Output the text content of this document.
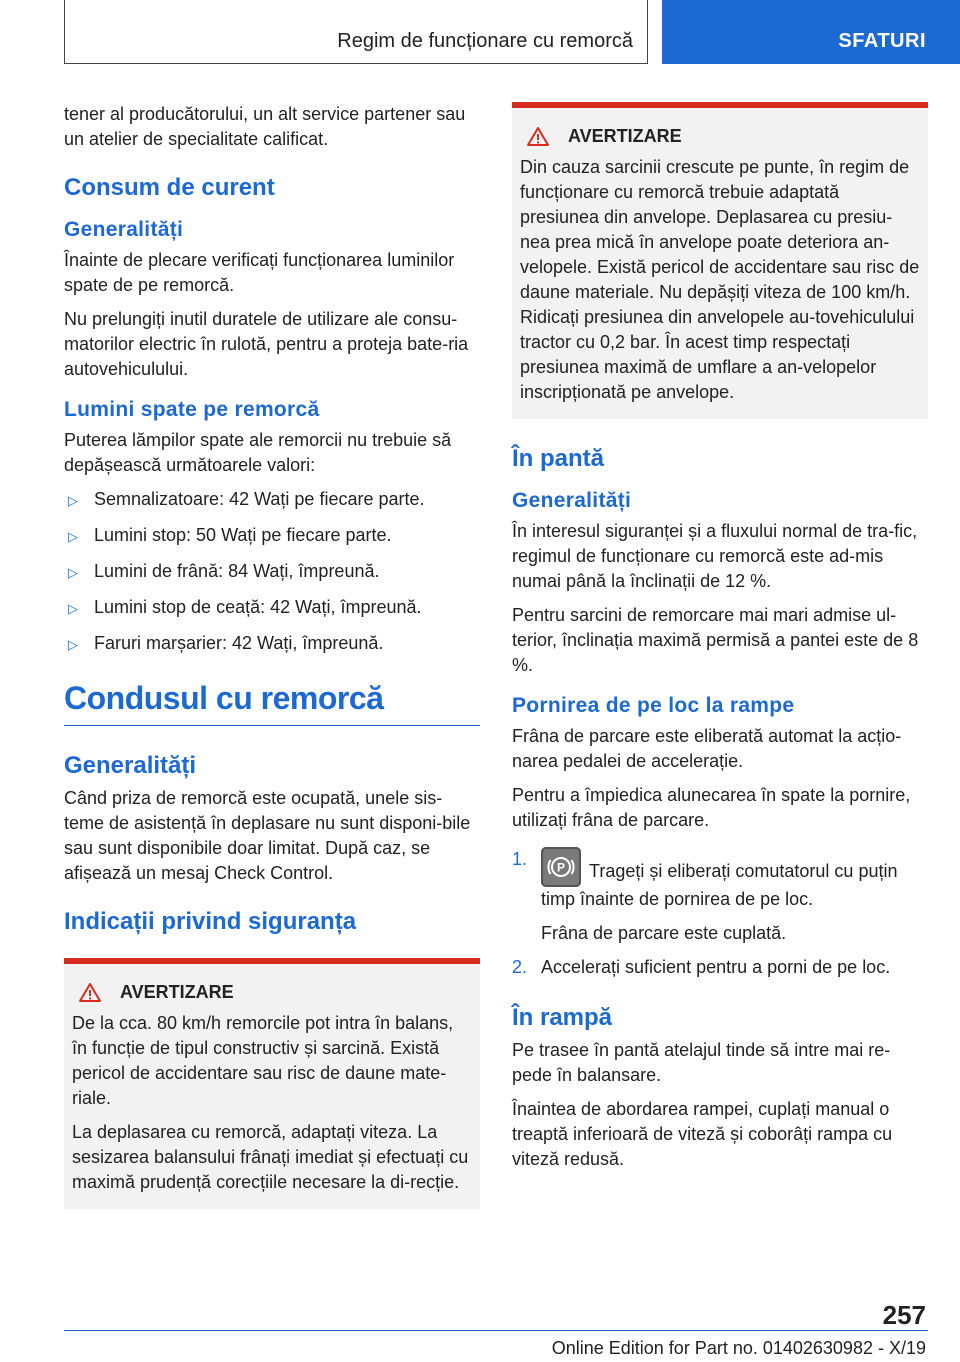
Regim de funcționare cu remorcă	SFATURI

tener al producătorului, un alt service partener sau un atelier de specialitate calificat.

Consum de curent
Generalități

Înainte de plecare verificați funcționarea luminilor spate de pe remorcă.

Nu prelungiți inutil duratele de utilizare ale consu-matorilor electric în rulotă, pentru a proteja bate-ria autovehiculului.

Lumini spate pe remorcă

Puterea lămpilor spate ale remorcii nu trebuie să depășească următoarele valori:

▷ Semnalizatoare: 42 Wați pe fiecare parte.
▷ Lumini stop: 50 Wați pe fiecare parte.
▷ Lumini de frână: 84 Wați, împreună.
▷ Lumini stop de ceață: 42 Wați, împreună.
▷ Faruri marșarier: 42 Wați, împreună.
Condusul cu remorcă
Generalități

Când priza de remorcă este ocupată, unele sis-teme de asistență în deplasare nu sunt disponi-bile sau sunt disponibile doar limitat. După caz, se afișează un mesaj Check Control.

Indicații privind siguranța
AVERTIZARE

De la cca. 80 km/h remorcile pot intra în balans, în funcție de tipul constructiv și sarcină. Există pericol de accidentare sau risc de daune mate-riale.

La deplasarea cu remorcă, adaptați viteza. La sesizarea balansului frânați imediat și efectuați cu maximă prudență corecțiile necesare la di-recție.

AVERTIZARE

Din cauza sarcinii crescute pe punte, în regim de funcționare cu remorcă trebuie adaptată presiunea din anvelope. Deplasarea cu presiu-nea prea mică în anvelope poate deteriora an-velopele. Există pericol de accidentare sau risc de daune materiale. Nu depășiți viteza de 100 km/h. Ridicați presiunea din anvelopele au-tovehiculului tractor cu 0,2 bar. În acest timp respectați presiunea maximă de umflare a an-velopelor inscripționată pe anvelope.

În pantă
Generalități

În interesul siguranței și a fluxului normal de tra-fic, regimul de funcționare cu remorcă este ad-mis numai până la înclinații de 12 %.

Pentru sarcini de remorcare mai mari admise ul-terior, înclinația maximă permisă a pantei este de 8 %.

Pornirea de pe loc la rampe

Frâna de parcare este eliberată automat la acțio-narea pedalei de accelerație.

Pentru a împiedica alunecarea în spate la pornire, utilizați frâna de parcare.

1. P Trageți și eliberați comutatorul cu puțin timp înainte de pornirea de pe loc.
Frâna de parcare este cuplată.
2. Accelerați suficient pentru a porni de pe loc.
În rampă

Pe trasee în pantă atelajul tinde să intre mai re-pede în balansare.

Înaintea de abordarea rampei, cuplați manual o treaptă inferioară de viteză și coborâți rampa cu viteză redusă.

257
Online Edition for Part no. 01402630982 - X/19
